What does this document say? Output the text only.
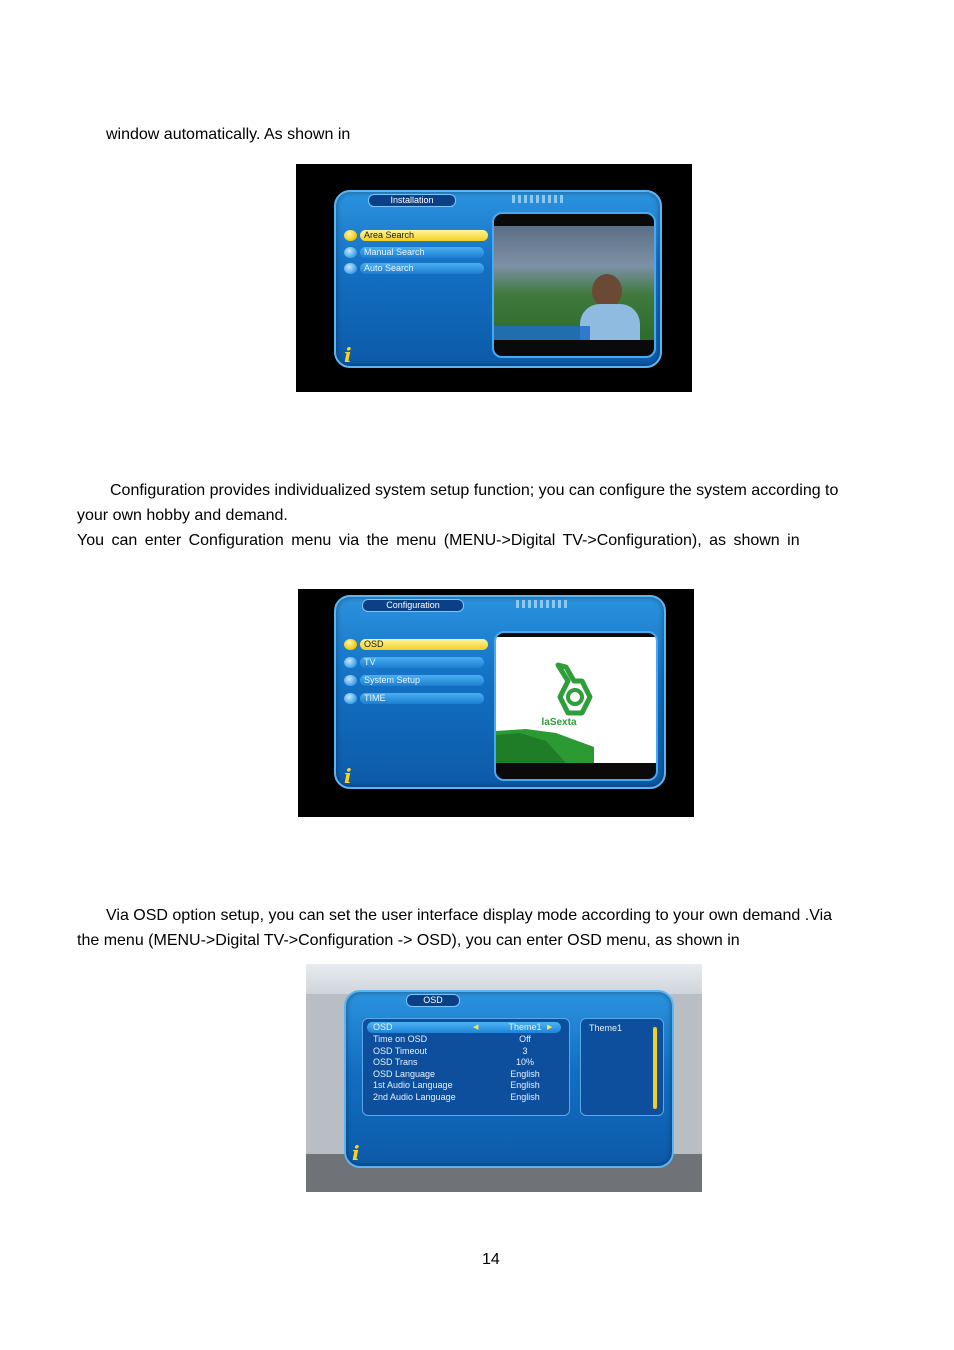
window automatically. As shown in
Installation
Area Search
Manual Search
Auto Search
i
Configuration provides individualized system setup function; you can configure the system according to
your own hobby and demand.
You can enter Configuration menu via the menu (MENU->Digital TV->Configuration), as shown in
Configuration
OSD
TV
System Setup
TIME
laSexta
i
Via OSD option setup, you can set the user interface display mode according to your own demand .Via
the menu (MENU->Digital TV->Configuration -> OSD), you can enter OSD menu, as shown in
OSD
OSD	◀	Theme1 ▶
Time on OSD	Off
OSD Timeout	3
OSD Trans	10%
OSD Language	English
1st Audio Language	English
2nd Audio Language	English
Theme1
i
14
